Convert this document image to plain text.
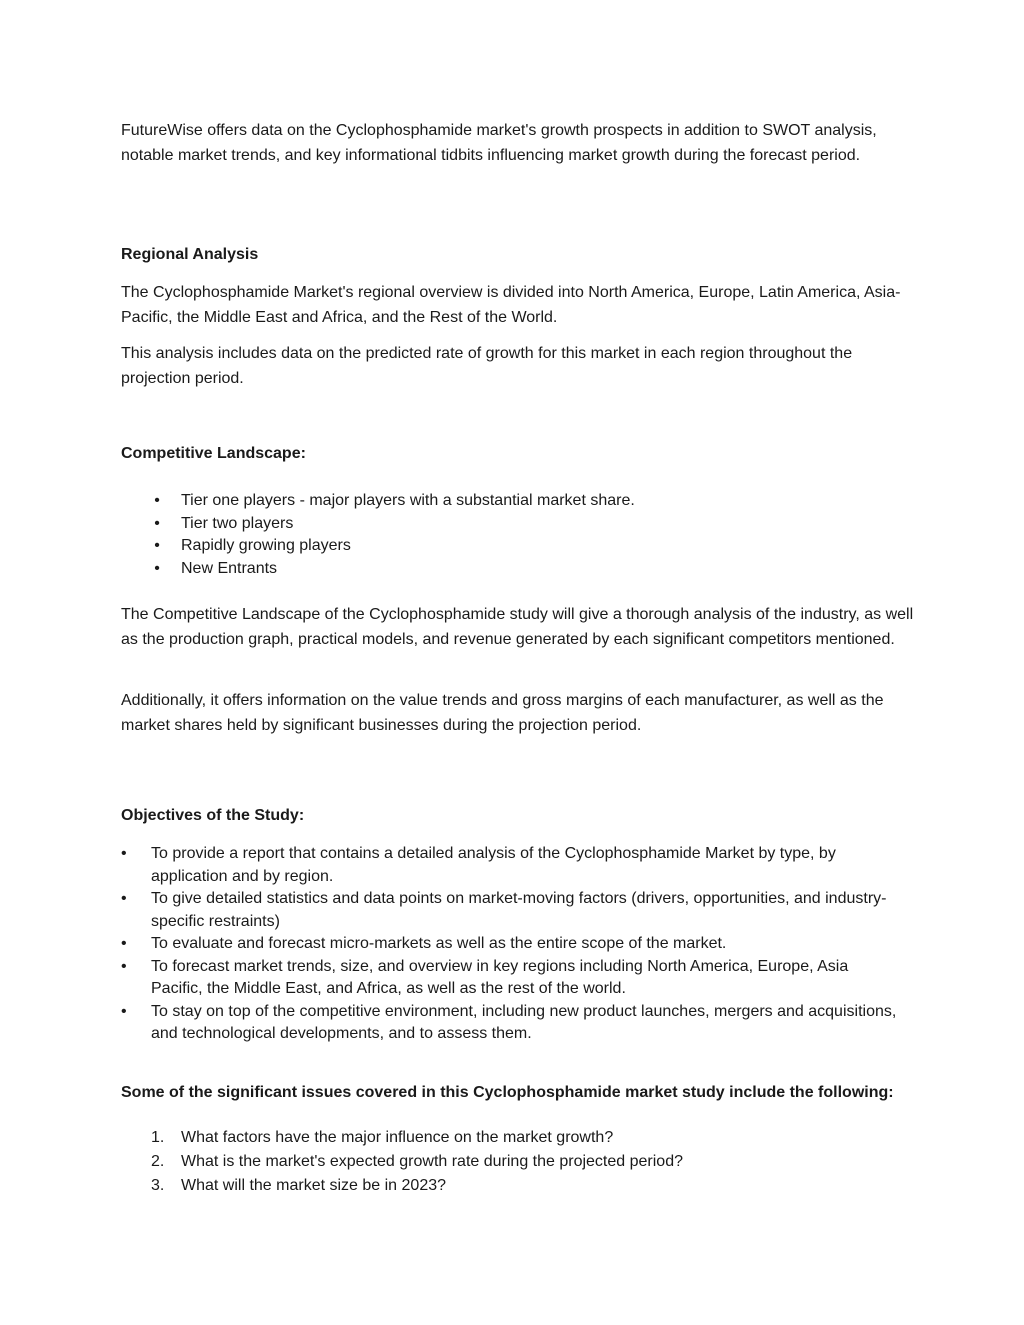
FutureWise offers data on the Cyclophosphamide market's growth prospects in addition to SWOT analysis, notable market trends, and key informational tidbits influencing market growth during the forecast period.

Regional Analysis

The Cyclophosphamide Market's regional overview is divided into North America, Europe, Latin America, Asia-Pacific, the Middle East and Africa, and the Rest of the World.

This analysis includes data on the predicted rate of growth for this market in each region throughout the projection period.

Competitive Landscape:
• Tier one players - major players with a substantial market share.
• Tier two players
• Rapidly growing players
• New Entrants

The Competitive Landscape of the Cyclophosphamide study will give a thorough analysis of the industry, as well as the production graph, practical models, and revenue generated by each significant competitors mentioned.

Additionally, it offers information on the value trends and gross margins of each manufacturer, as well as the market shares held by significant businesses during the projection period.

Objectives of the Study:
• To provide a report that contains a detailed analysis of the Cyclophosphamide Market by type, by application and by region.
• To give detailed statistics and data points on market-moving factors (drivers, opportunities, and industry-specific restraints)
• To evaluate and forecast micro-markets as well as the entire scope of the market.
• To forecast market trends, size, and overview in key regions including North America, Europe, Asia Pacific, the Middle East, and Africa, as well as the rest of the world.
• To stay on top of the competitive environment, including new product launches, mergers and acquisitions, and technological developments, and to assess them.
Some of the significant issues covered in this Cyclophosphamide market study include the following:
1. What factors have the major influence on the market growth?
2. What is the market's expected growth rate during the projected period?
3. What will the market size be in 2023?
